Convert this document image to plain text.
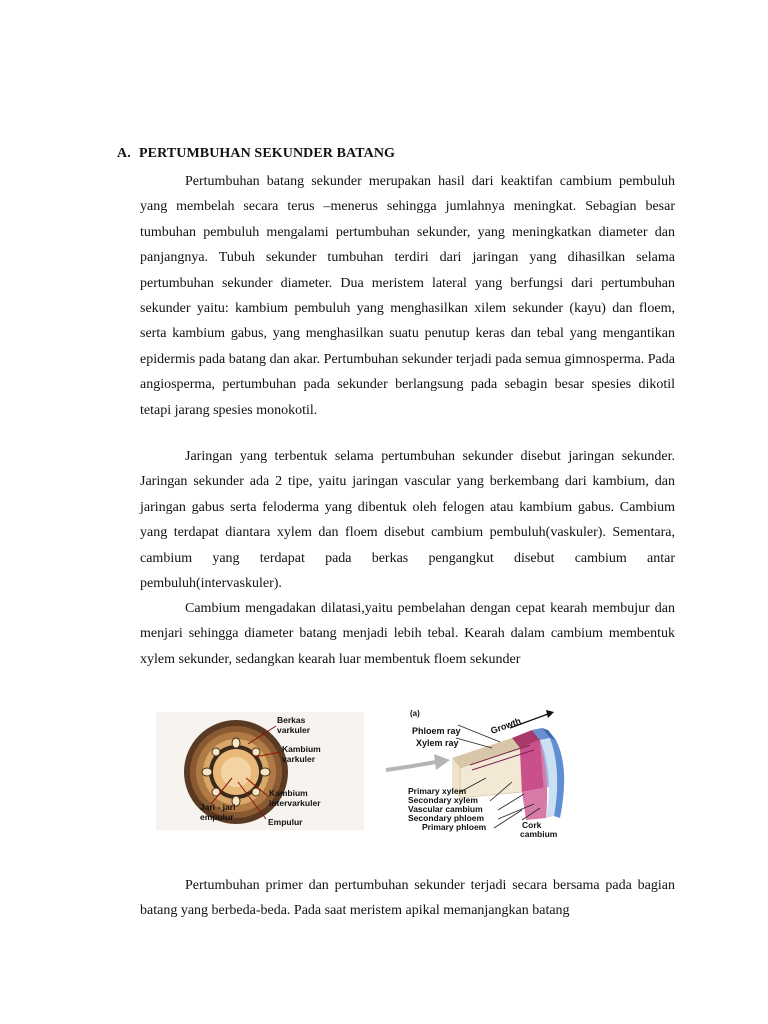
A. PERTUMBUHAN SEKUNDER BATANG

Pertumbuhan batang sekunder merupakan hasil dari keaktifan cambium pembuluh yang membelah secara terus –menerus sehingga jumlahnya meningkat. Sebagian besar tumbuhan pembuluh mengalami pertumbuhan sekunder, yang meningkatkan diameter dan panjangnya. Tubuh sekunder tumbuhan terdiri dari jaringan yang dihasilkan selama pertumbuhan sekunder diameter. Dua meristem lateral yang berfungsi dari pertumbuhan sekunder yaitu: kambium pembuluh yang menghasilkan xilem sekunder (kayu) dan floem, serta kambium gabus, yang menghasilkan suatu penutup keras dan tebal yang mengantikan epidermis pada batang dan akar. Pertumbuhan sekunder terjadi pada semua gimnosperma. Pada angiosperma, pertumbuhan pada sekunder berlangsung pada sebagin besar spesies dikotil tetapi jarang spesies monokotil.

Jaringan yang terbentuk selama pertumbuhan sekunder disebut jaringan sekunder. Jaringan sekunder ada 2 tipe, yaitu jaringan vascular yang berkembang dari kambium, dan jaringan gabus serta feloderma yang dibentuk oleh felogen atau kambium gabus. Cambium yang terdapat diantara xylem dan floem disebut cambium pembuluh(vaskuler). Sementara, cambium yang terdapat pada berkas pengangkut disebut cambium antar pembuluh(intervaskuler).

Cambium mengadakan dilatasi,yaitu pembelahan dengan cepat kearah membujur dan menjari sehingga diameter batang menjadi lebih tebal. Kearah dalam cambium membentuk xylem sekunder, sedangkan kearah luar membentuk floem sekunder

Berkas
varkuler
Kambium
varkuler
Kambium
intervarkuler
Jari - jari
empulur	Empulur
(a)
Phloem ray
Xylem ray
Growth
Primary xylem
Secondary xylem
Vascular cambium
Secondary phloem
Primary phloem	Cork
cambium

Pertumbuhan primer dan pertumbuhan sekunder terjadi secara bersama pada bagian batang yang berbeda-beda. Pada saat meristem apikal memanjangkan batang
